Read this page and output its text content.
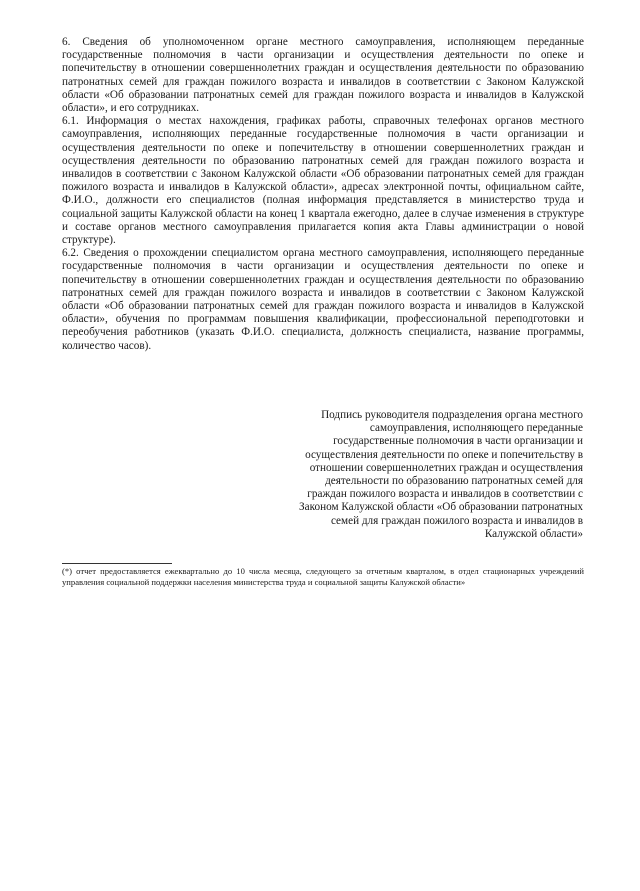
6. Сведения об уполномоченном органе местного самоуправления, исполняющем переданные государственные полномочия в части организации и осуществления деятельности по опеке и попечительству в отношении совершеннолетних граждан и осуществления деятельности по образованию патронатных семей для граждан пожилого возраста и инвалидов в соответствии с Законом Калужской области «Об образовании патронатных семей для граждан пожилого возраста и инвалидов в Калужской области», и его сотрудниках.

6.1. Информация о местах нахождения, графиках работы, справочных телефонах органов местного самоуправления, исполняющих переданные государственные полномочия в части организации и осуществления деятельности по опеке и попечительству в отношении совершеннолетних граждан и осуществления деятельности по образованию патронатных семей для граждан пожилого возраста и инвалидов в соответствии с Законом Калужской области «Об образовании патронатных семей для граждан пожилого возраста и инвалидов в Калужской области», адресах электронной почты, официальном сайте, Ф.И.О., должности его специалистов (полная информация представляется в министерство труда и социальной защиты Калужской области на конец 1 квартала ежегодно, далее в случае изменения в структуре и составе органов местного самоуправления прилагается копия акта Главы администрации о новой структуре).

6.2. Сведения о прохождении специалистом органа местного самоуправления, исполняющего переданные государственные полномочия в части организации и осуществления деятельности по опеке и попечительству в отношении совершеннолетних граждан и осуществления деятельности по образованию патронатных семей для граждан пожилого возраста и инвалидов в соответствии с Законом Калужской области «Об образовании патронатных семей для граждан пожилого возраста и инвалидов в Калужской области», обучения по программам повышения квалификации, профессиональной переподготовки и переобучения работников (указать Ф.И.О. специалиста, должность специалиста, название программы, количество часов).

Подпись руководителя подразделения органа местного

самоуправления, исполняющего переданные

государственные полномочия в части организации и

осуществления деятельности по опеке и попечительству в

отношении совершеннолетних граждан и осуществления

деятельности по образованию патронатных семей для

граждан пожилого возраста и инвалидов в соответствии с

Законом Калужской области «Об образовании патронатных

семей для граждан пожилого возраста и инвалидов в

Калужской области»

(*) отчет предоставляется ежеквартально до 10 числа месяца, следующего за отчетным кварталом, в отдел стационарных учреждений управления социальной поддержки населения министерства труда и социальной защиты Калужской области»
